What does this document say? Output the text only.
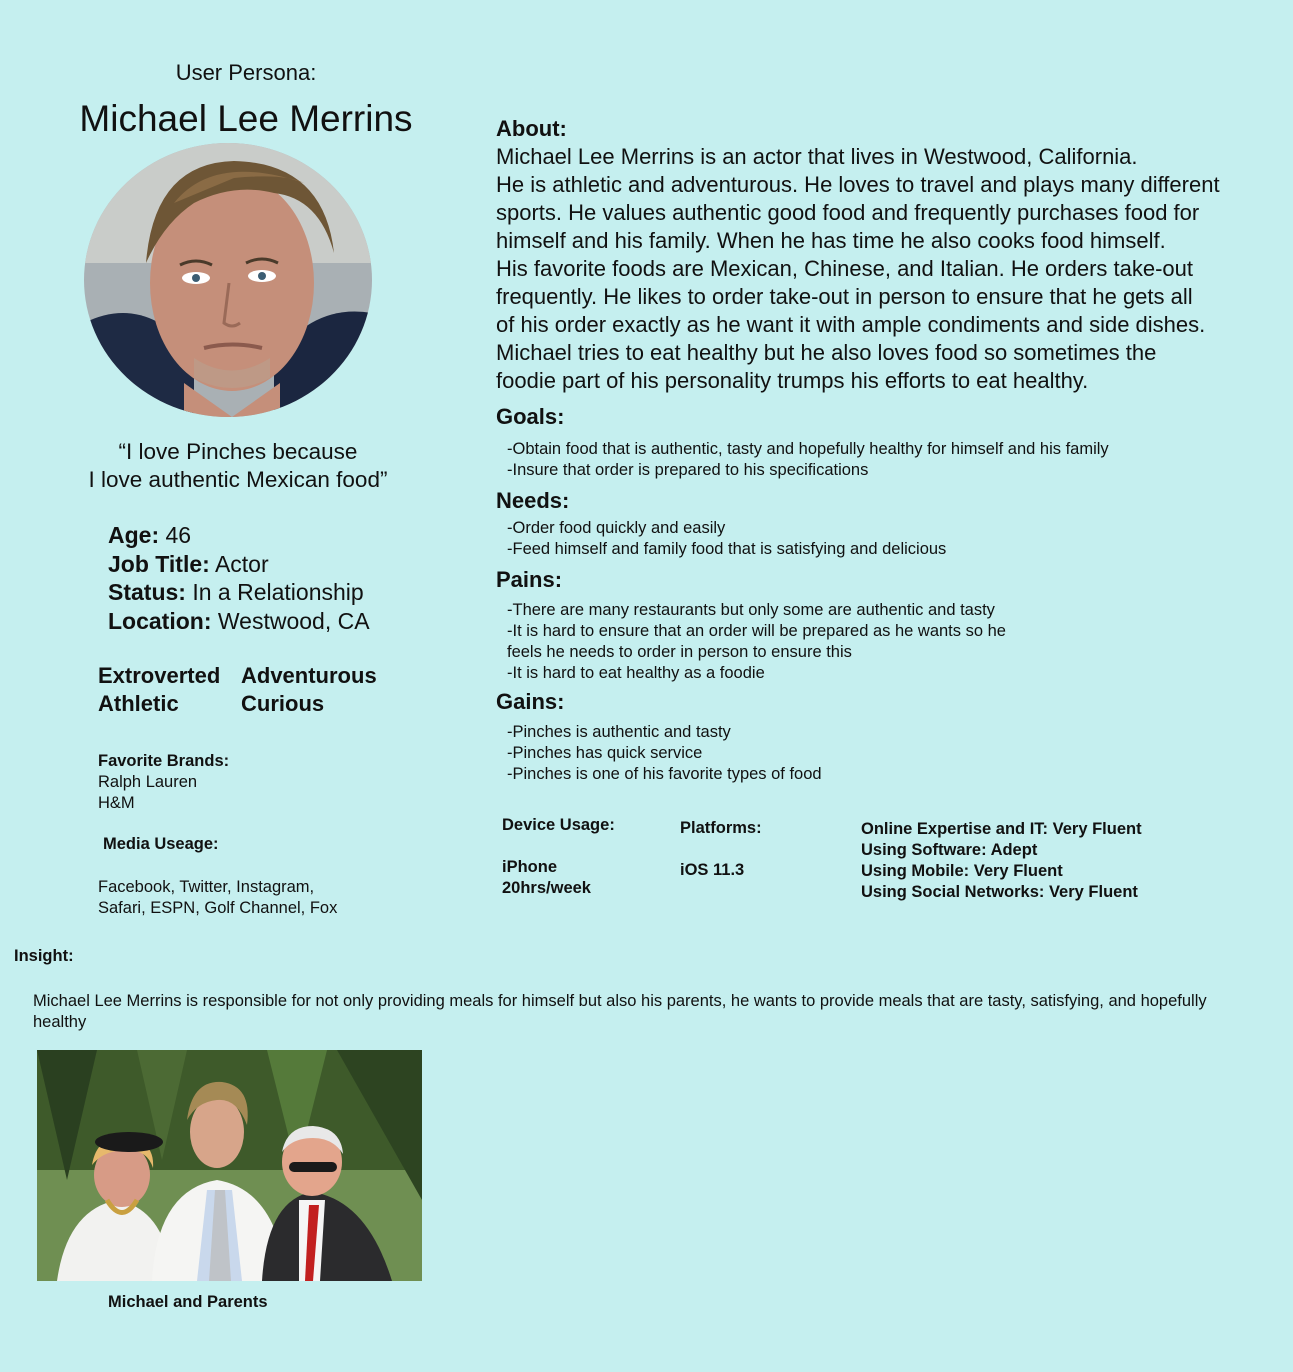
User Persona:
Michael Lee Merrins
“I love Pinches because
I love authentic Mexican food”
Age: 46
Job Title: Actor
Status: In a Relationship
Location: Westwood, CA
Extroverted Adventurous
Athletic	Curious
Favorite Brands:
Ralph Lauren
H&M
Media Useage:
Facebook, Twitter, Instagram,
Safari, ESPN, Golf Channel, Fox
About:
Michael Lee Merrins is an actor that lives in Westwood, California.
He is athletic and adventurous. He loves to travel and plays many different
sports. He values authentic good food and frequently purchases food for
himself and his family. When he has time he also cooks food himself.
His favorite foods are Mexican, Chinese, and Italian. He orders take-out
frequently. He likes to order take-out in person to ensure that he gets all
of his order exactly as he want it with ample condiments and side dishes.
Michael tries to eat healthy but he also loves food so sometimes the
foodie part of his personality trumps his efforts to eat healthy.
Goals:
-Obtain food that is authentic, tasty and hopefully healthy for himself and his family
-Insure that order is prepared to his specifications
Needs:
-Order food quickly and easily
-Feed himself and family food that is satisfying and delicious
Pains:
-There are many restaurants but only some are authentic and tasty
-It is hard to ensure that an order will be prepared as he wants so he
feels he needs to order in person to ensure this
-It is hard to eat healthy as a foodie
Gains:
-Pinches is authentic and tasty
-Pinches has quick service
-Pinches is one of his favorite types of food
Device Usage:
iPhone
20hrs/week
Platforms:
iOS 11.3
Online Expertise and IT: Very Fluent
Using Software: Adept
Using Mobile: Very Fluent
Using Social Networks: Very Fluent
Insight:
Michael Lee Merrins is responsible for not only providing meals for himself but also his parents, he wants to provide meals that are tasty, satisfying, and hopefully healthy
Michael and Parents
